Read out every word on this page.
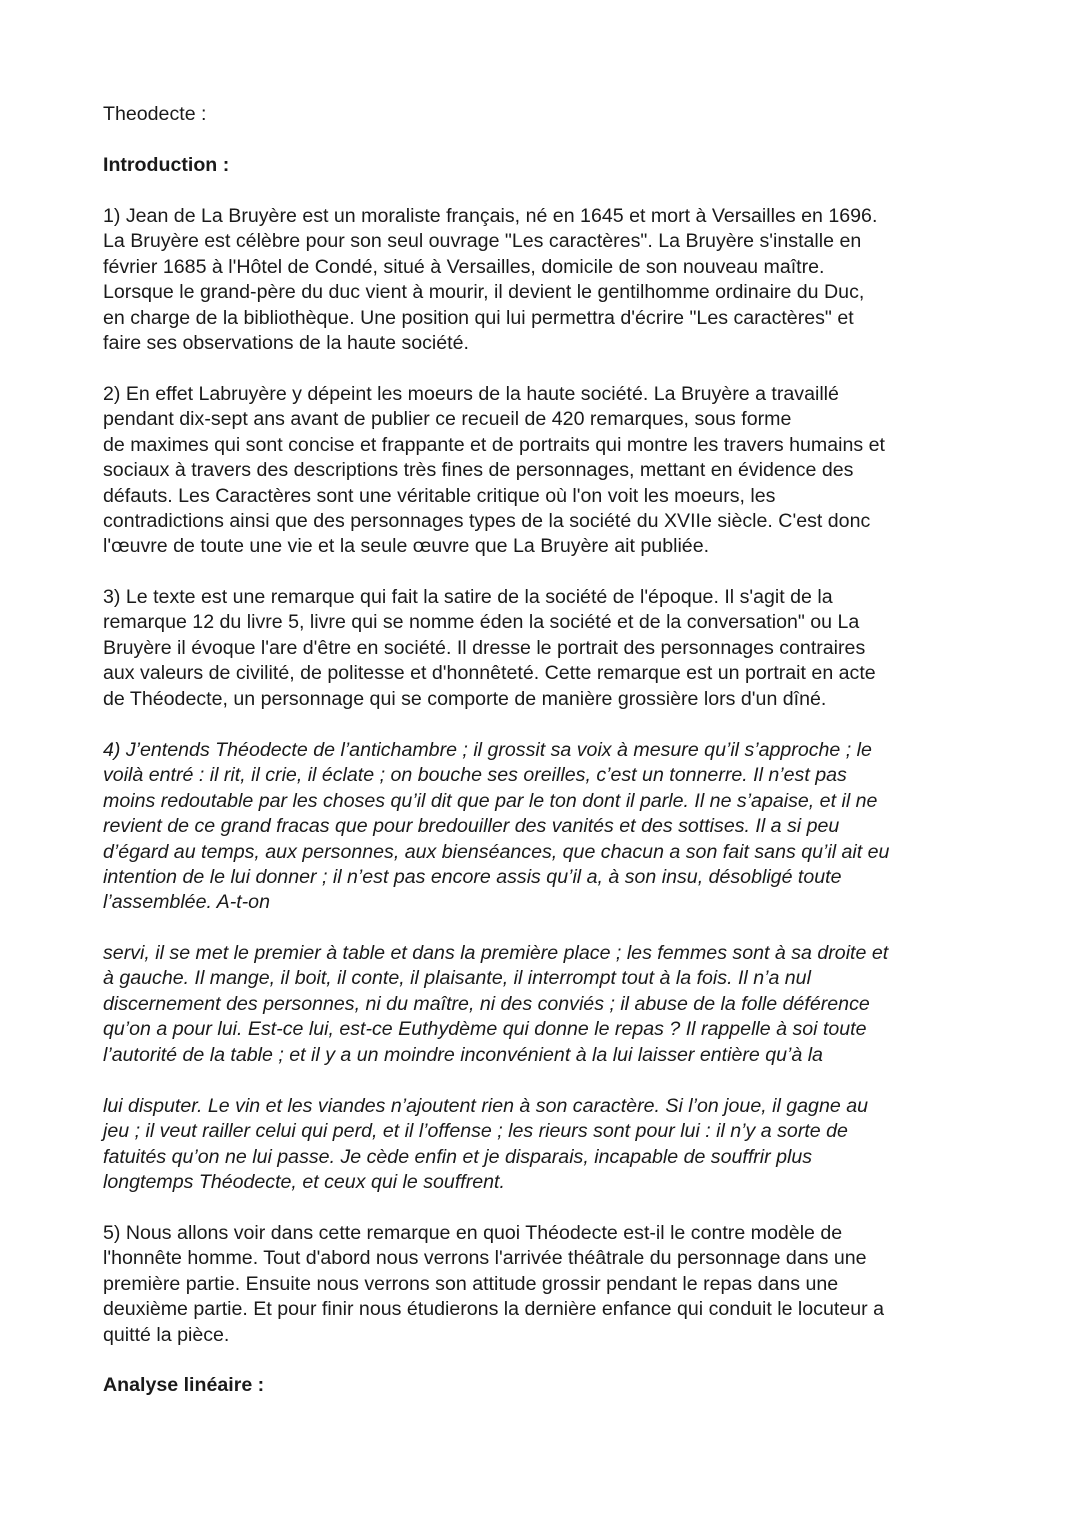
Theodecte :

Introduction :

1) Jean de La Bruyère est un moraliste français, né en 1645 et mort à Versailles en 1696.
La Bruyère est célèbre pour son seul ouvrage "Les caractères". La Bruyère s'installe en
février 1685 à l'Hôtel de Condé, situé à Versailles, domicile de son nouveau maître.
Lorsque le grand-père du duc vient à mourir, il devient le gentilhomme ordinaire du Duc,
en charge de la bibliothèque. Une position qui lui permettra d'écrire "Les caractères" et
faire ses observations de la haute société.

2) En effet Labruyère y dépeint les moeurs de la haute société. La Bruyère a travaillé
pendant dix-sept ans avant de publier ce recueil de 420 remarques, sous forme
de maximes qui sont concise et frappante et de portraits qui montre les travers humains et
sociaux à travers des descriptions très fines de personnages, mettant en évidence des
défauts. Les Caractères sont une véritable critique où l'on voit les moeurs, les
contradictions ainsi que des personnages types de la société du XVIIe siècle. C'est donc
l'œuvre de toute une vie et la seule œuvre que La Bruyère ait publiée.

3) Le texte est une remarque qui fait la satire de la société de l'époque. Il s'agit de la
remarque 12 du livre 5, livre qui se nomme éden la société et de la conversation" ou La
Bruyère il évoque l'are d'être en société. Il dresse le portrait des personnages contraires
aux valeurs de civilité, de politesse et d'honnêteté. Cette remarque est un portrait en acte
de Théodecte, un personnage qui se comporte de manière grossière lors d'un dîné.

4) J’entends Théodecte de l’antichambre ; il grossit sa voix à mesure qu’il s’approche ; le
voilà entré : il rit, il crie, il éclate ; on bouche ses oreilles, c’est un tonnerre. Il n’est pas
moins redoutable par les choses qu’il dit que par le ton dont il parle. Il ne s’apaise, et il ne
revient de ce grand fracas que pour bredouiller des vanités et des sottises. Il a si peu
d’égard au temps, aux personnes, aux bienséances, que chacun a son fait sans qu’il ait eu
intention de le lui donner ; il n’est pas encore assis qu’il a, à son insu, désobligé toute
l’assemblée. A-t-on

servi, il se met le premier à table et dans la première place ; les femmes sont à sa droite et
à gauche. Il mange, il boit, il conte, il plaisante, il interrompt tout à la fois. Il n’a nul
discernement des personnes, ni du maître, ni des conviés ; il abuse de la folle déférence
qu’on a pour lui. Est-ce lui, est-ce Euthydème qui donne le repas ? Il rappelle à soi toute
l’autorité de la table ; et il y a un moindre inconvénient à la lui laisser entière qu’à la

lui disputer. Le vin et les viandes n’ajoutent rien à son caractère. Si l’on joue, il gagne au
jeu ; il veut railler celui qui perd, et il l’offense ; les rieurs sont pour lui : il n’y a sorte de
fatuités qu’on ne lui passe. Je cède enfin et je disparais, incapable de souffrir plus
longtemps Théodecte, et ceux qui le souffrent.

5) Nous allons voir dans cette remarque en quoi Théodecte est-il le contre modèle de
l'honnête homme. Tout d'abord nous verrons l'arrivée théâtrale du personnage dans une
première partie. Ensuite nous verrons son attitude grossir pendant le repas dans une
deuxième partie. Et pour finir nous étudierons la dernière enfance qui conduit le locuteur a
quitté la pièce.

Analyse linéaire :
